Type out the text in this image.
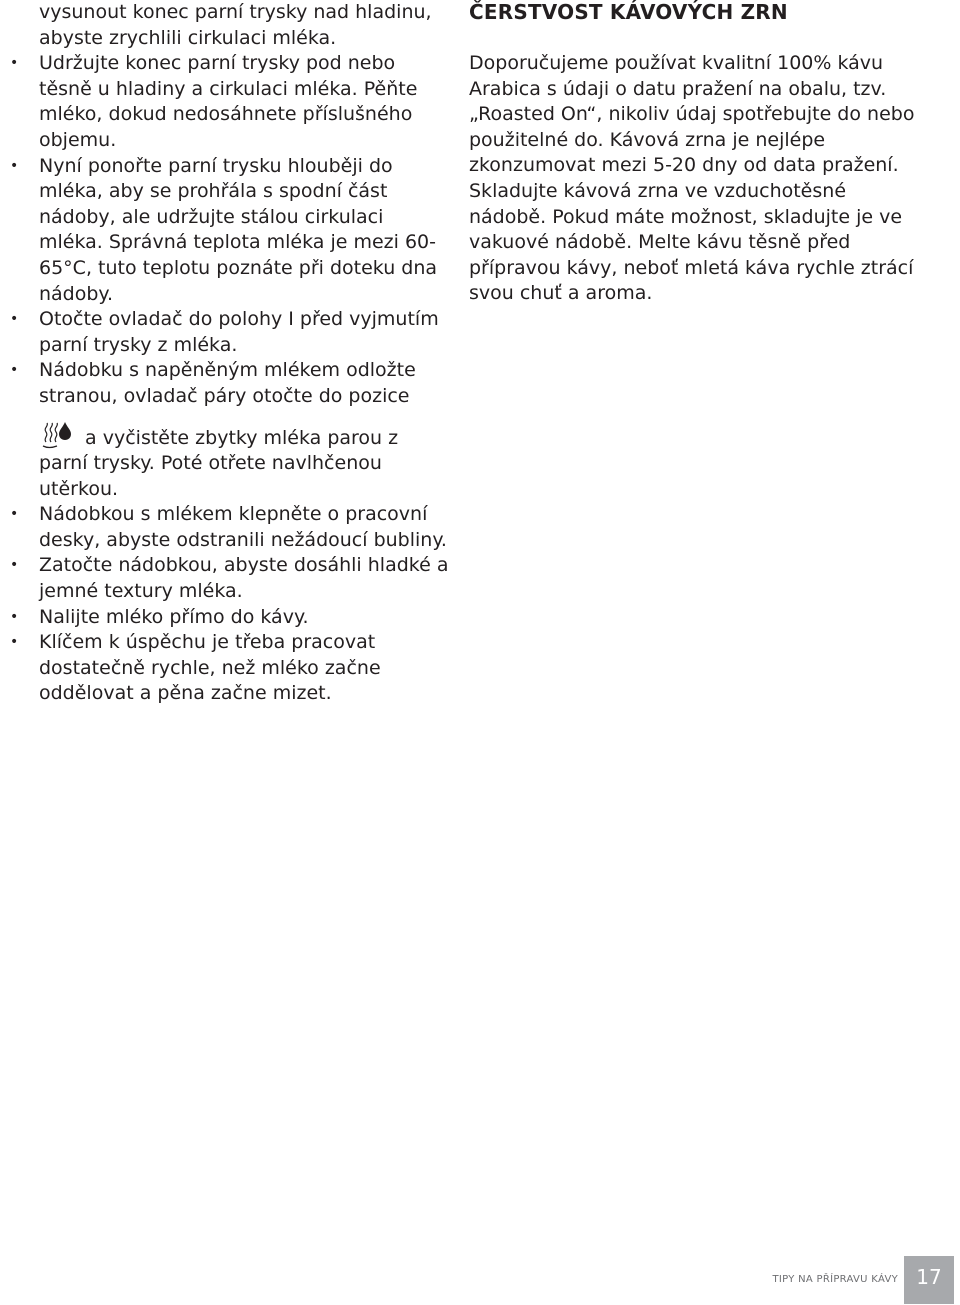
vysunout konec parní trysky nad hladinu, abyste zrychlili cirkulaci mléka.

• Udržujte konec parní trysky pod nebo těsně u hladiny a cirkulaci mléka. Pěňte mléko, dokud nedosáhnete příslušného objemu.
• Nyní ponořte parní trysku hlouběji do mléka, aby se prohřála s spodní část nádoby, ale udržujte stálou cirkulaci mléka. Správná teplota mléka je mezi 60-65°C, tuto teplotu poznáte při doteku dna nádoby.
• Otočte ovladač do polohy I před vyjmutím parní trysky z mléka.
• Nádobku s napěněným mlékem odložte stranou, ovladač páry otočte do pozice
a vyčistěte zbytky mléka parou z parní trysky. Poté otřete navlhčenou utěrkou.
• Nádobkou s mlékem klepněte o pracovní desky, abyste odstranili nežádoucí bubliny.
• Zatočte nádobkou, abyste dosáhli hladké a jemné textury mléka.
• Nalijte mléko přímo do kávy.
• Klíčem k úspěchu je třeba pracovat dostatečně rychle, než mléko začne oddělovat a pěna začne mizet.
ČERSTVOST KÁVOVÝCH ZRN

Doporučujeme používat kvalitní 100% kávu Arabica s údaji o datu pražení na obalu, tzv. „Roasted On“, nikoliv údaj spotřebujte do nebo použitelné do. Kávová zrna je nejlépe zkonzumovat mezi 5-20 dny od data pražení. Skladujte kávová zrna ve vzduchotěsné nádobě. Pokud máte možnost, skladujte je ve vakuové nádobě. Melte kávu těsně před přípravou kávy, neboť mletá káva rychle ztrácí svou chuť a aroma.

TIPY NA PŘÍPRAVU KÁVY 17
